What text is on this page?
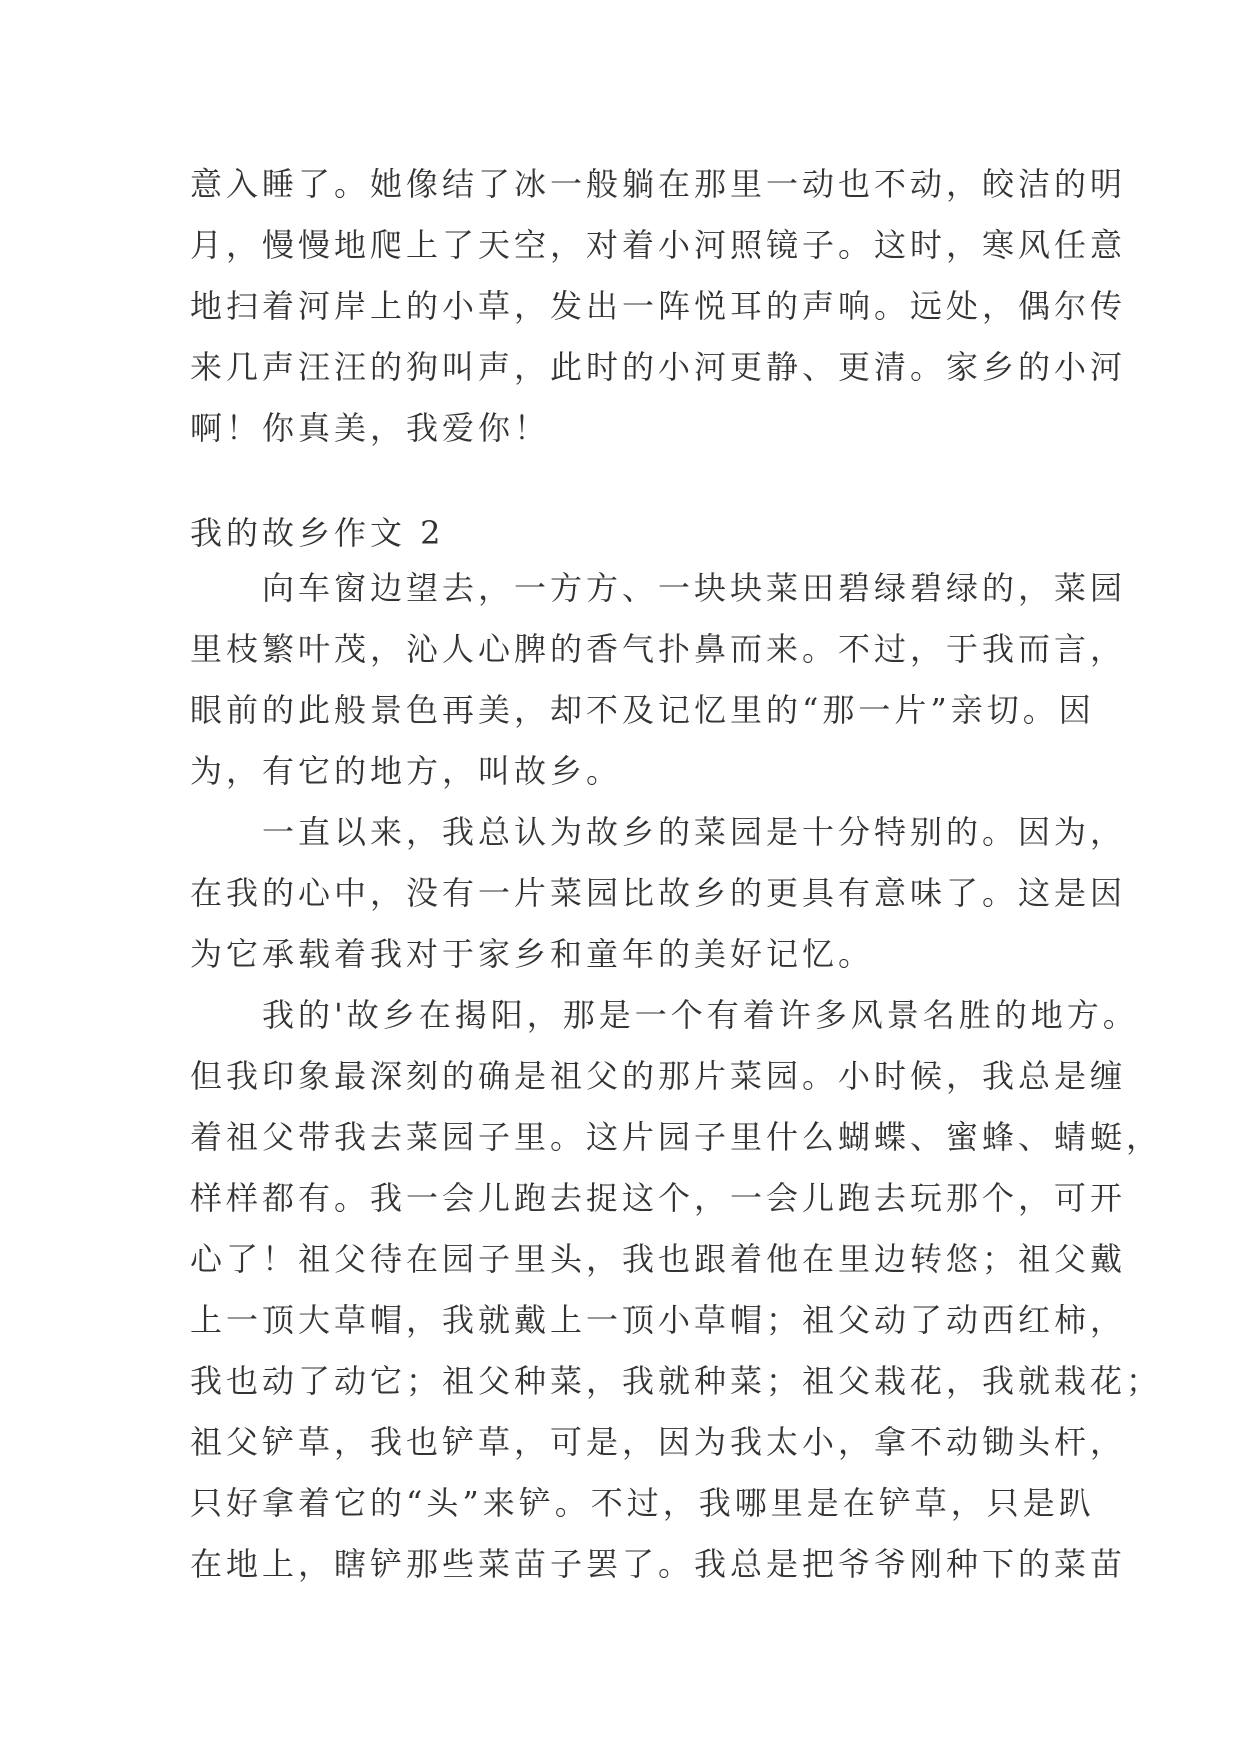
意入睡了。她像结了冰一般躺在那里一动也不动，皎洁的明
月，慢慢地爬上了天空，对着小河照镜子。这时，寒风任意
地扫着河岸上的小草，发出一阵悦耳的声响。远处，偶尔传
来几声汪汪的狗叫声，此时的小河更静、更清。家乡的小河
啊！你真美，我爱你！
我的故乡作文 2
　　向车窗边望去，一方方、一块块菜田碧绿碧绿的，菜园
里枝繁叶茂，沁人心脾的香气扑鼻而来。不过，于我而言，
眼前的此般景色再美，却不及记忆里的“那一片”亲切。因
为，有它的地方，叫故乡。
　　一直以来，我总认为故乡的菜园是十分特别的。因为，
在我的心中，没有一片菜园比故乡的更具有意味了。这是因
为它承载着我对于家乡和童年的美好记忆。
　　我的'故乡在揭阳，那是一个有着许多风景名胜的地方。
但我印象最深刻的确是祖父的那片菜园。小时候，我总是缠
着祖父带我去菜园子里。这片园子里什么蝴蝶、蜜蜂、蜻蜓，
样样都有。我一会儿跑去捉这个，一会儿跑去玩那个，可开
心了！祖父待在园子里头，我也跟着他在里边转悠；祖父戴
上一顶大草帽，我就戴上一顶小草帽；祖父动了动西红柿，
我也动了动它；祖父种菜，我就种菜；祖父栽花，我就栽花；
祖父铲草，我也铲草，可是，因为我太小，拿不动锄头杆，
只好拿着它的“头”来铲。不过，我哪里是在铲草，只是趴
在地上，瞎铲那些菜苗子罢了。我总是把爷爷刚种下的菜苗
